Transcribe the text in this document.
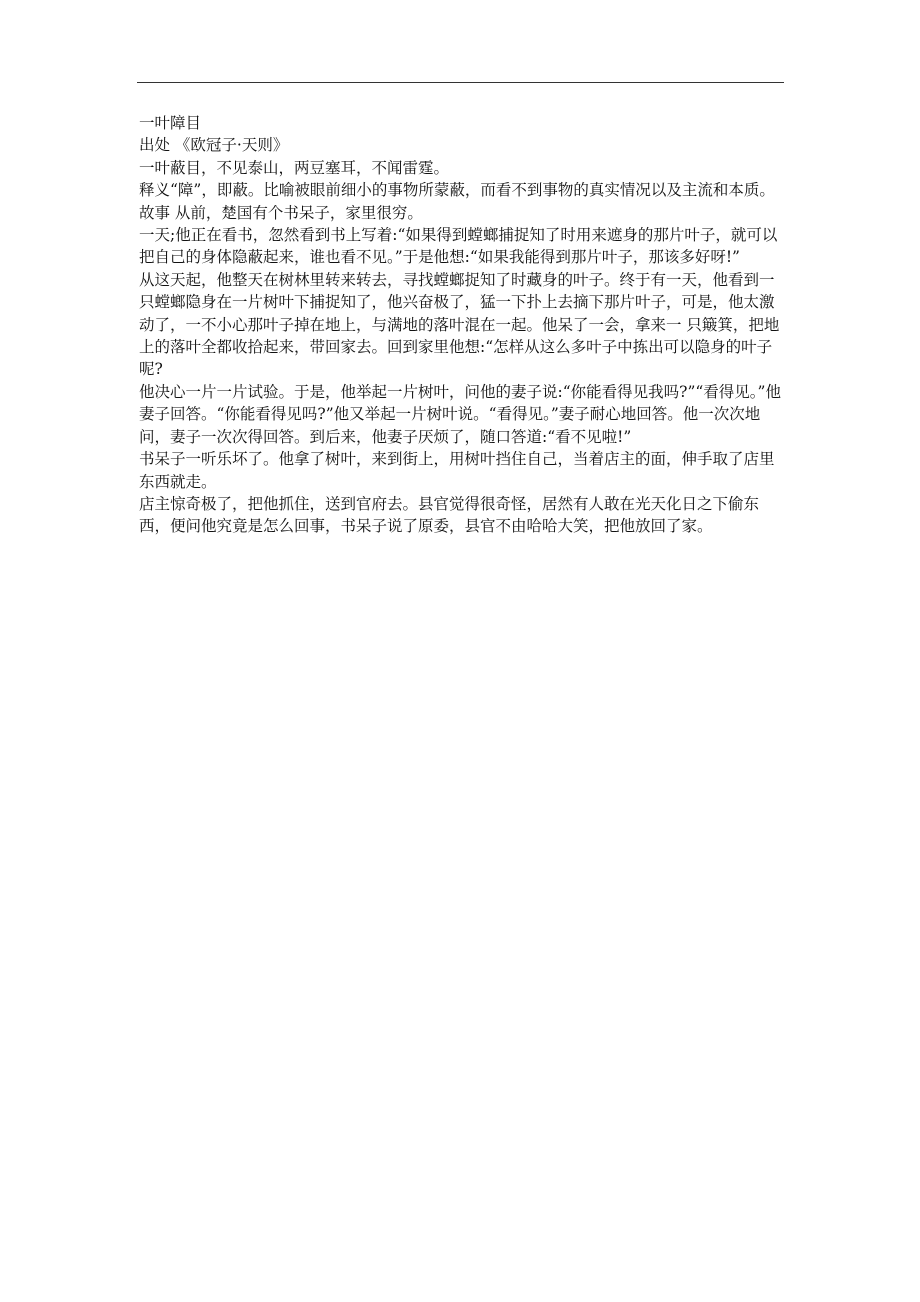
一叶障目

出处 《欧冠子·天则》

一叶蔽目，不见泰山，两豆塞耳，不闻雷霆。

释义“障”，即蔽。比喻被眼前细小的事物所蒙蔽，而看不到事物的真实情况以及主流和本质。

故事 从前，楚国有个书呆子，家里很穷。

一天;他正在看书，忽然看到书上写着:“如果得到螳螂捕捉知了时用来遮身的那片叶子，就可以把自己的身体隐蔽起来，谁也看不见。”于是他想:“如果我能得到那片叶子，那该多好呀!”

从这天起，他整天在树林里转来转去，寻找螳螂捉知了时藏身的叶子。终于有一天，他看到一只螳螂隐身在一片树叶下捕捉知了，他兴奋极了，猛一下扑上去摘下那片叶子，可是，他太激动了，一不小心那叶子掉在地上，与满地的落叶混在一起。他呆了一会，拿来一 只簸箕，把地上的落叶全都收拾起来，带回家去。回到家里他想:“怎样从这么多叶子中拣出可以隐身的叶子呢?

他决心一片一片试验。于是，他举起一片树叶，问他的妻子说:“你能看得见我吗?”“看得见。”他妻子回答。“你能看得见吗?”他又举起一片树叶说。“看得见。”妻子耐心地回答。他一次次地问，妻子一次次得回答。到后来，他妻子厌烦了，随口答道:“看不见啦!”

书呆子一听乐坏了。他拿了树叶，来到街上，用树叶挡住自己，当着店主的面，伸手取了店里东西就走。

店主惊奇极了，把他抓住，送到官府去。县官觉得很奇怪，居然有人敢在光天化日之下偷东西，便问他究竟是怎么回事，书呆子说了原委，县官不由哈哈大笑，把他放回了家。
